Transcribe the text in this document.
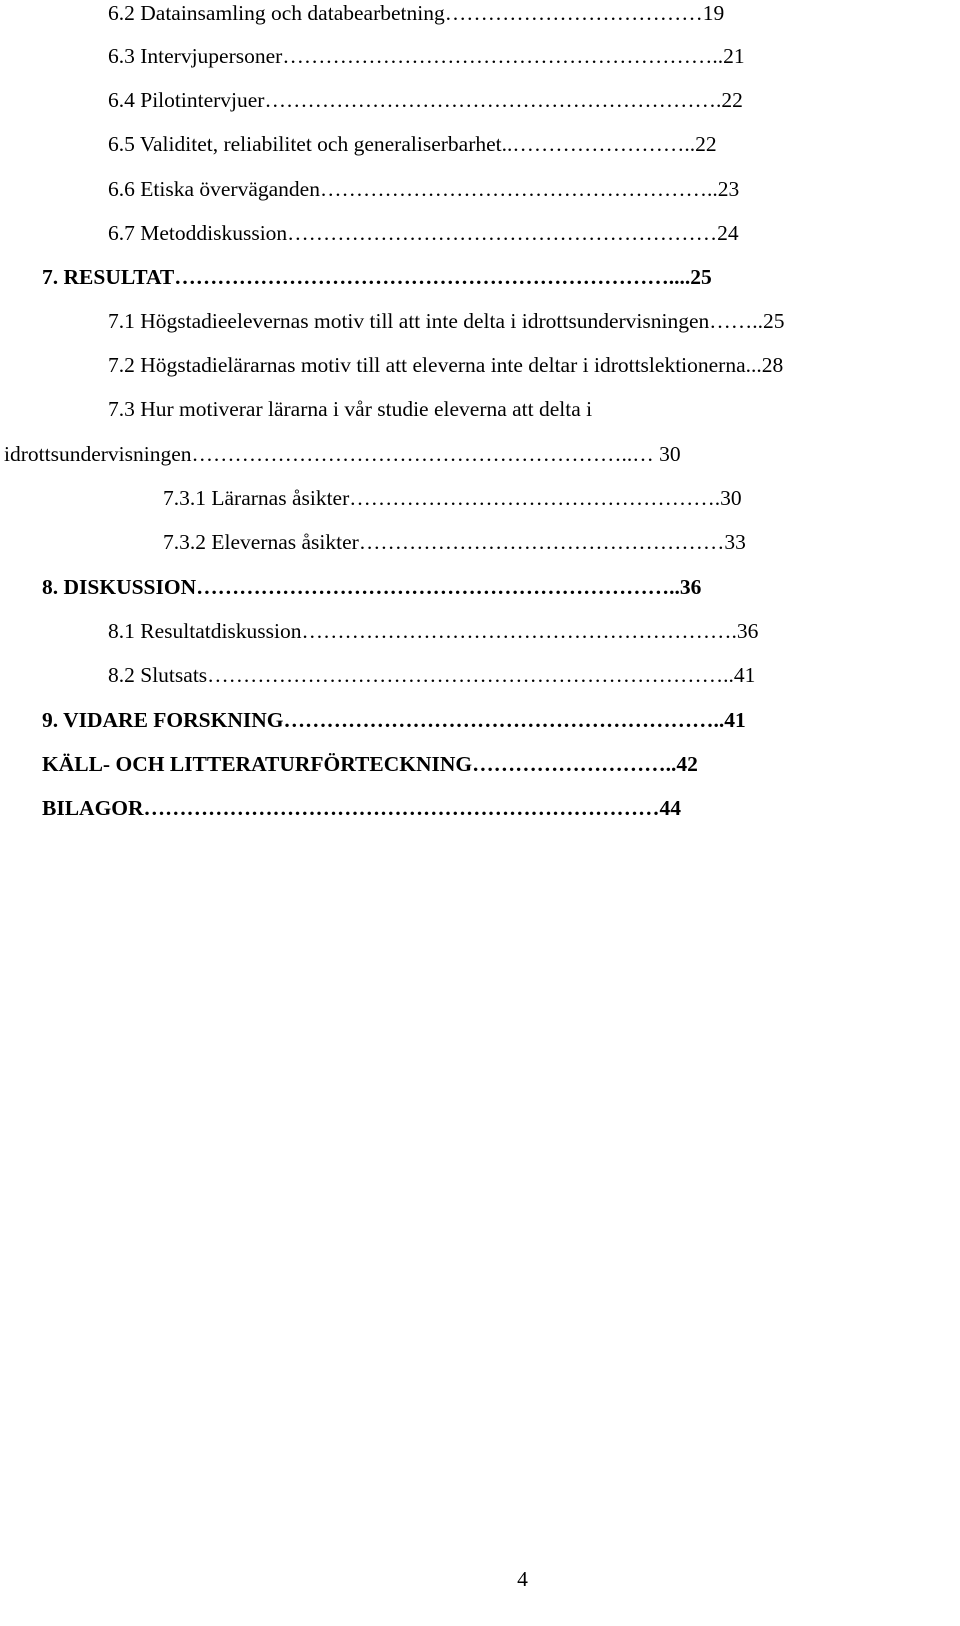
6.2 Datainsamling och databearbetning………………………………19

6.3 Intervjupersoner……………………………………………………..21

6.4 Pilotintervjuer……………………………………………………….22

6.5 Validitet, reliabilitet och generaliserbarhet..……………………..22

6.6 Etiska överväganden………………………………………………..23

6.7 Metoddiskussion……………………………………………………24

7. RESULTAT……………………………………………………………....25

7.1 Högstadieelevernas motiv till att inte delta i idrottsundervisningen……..25

7.2 Högstadielärarnas motiv till att eleverna inte deltar i idrottslektionerna...28

7.3 Hur motiverar lärarna i vår studie eleverna att delta i

idrottsundervisningen……………………………………………………..… 30

7.3.1 Lärarnas åsikter…………………………………………….30

7.3.2 Elevernas åsikter……………………………………………33

8. DISKUSSION…………………………………………………………..36

8.1 Resultatdiskussion…………………………………………………….36

8.2 Slutsats………………………………………………………………..41

9. VIDARE FORSKNING……………………………………………………..41

KÄLL- OCH LITTERATURFÖRTECKNING………………………..42

BILAGOR………………………………………………………………44

4
